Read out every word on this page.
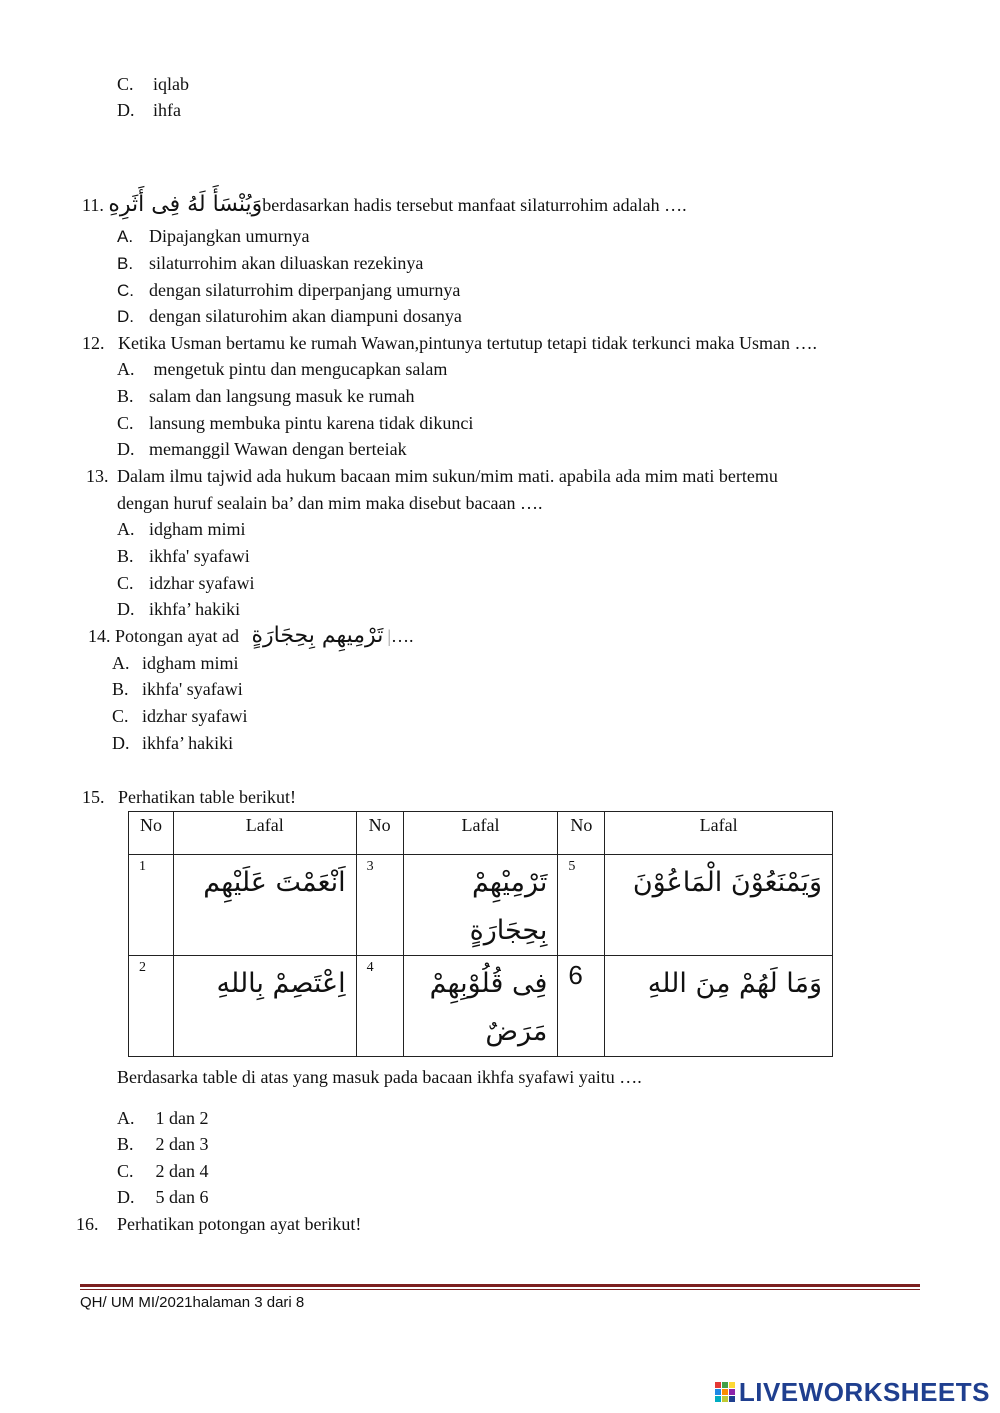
C. iqlab
D. ihfa
11. وَيُنْسَأَ لَهُ فِى أَثَرِهِberdasarkan hadis tersebut manfaat silaturrohim adalah ….
A. Dipajangkan umurnya
B. silaturrohim akan diluaskan rezekinya
C. dengan silaturrohim diperpanjang umurnya
D. dengan silaturohim akan diampuni dosanya
12. Ketika Usman bertamu ke rumah Wawan,pintunya tertutup tetapi tidak terkunci maka Usman ….
A. mengetuk pintu dan mengucapkan salam
B. salam dan langsung masuk ke rumah
C. lansung membuka pintu karena tidak dikunci
D. memanggil Wawan dengan berteiak
13. Dalam ilmu tajwid ada hukum bacaan mim sukun/mim mati. apabila ada mim mati bertemu
dengan huruf sealain ba’ dan mim maka disebut bacaan ….
A. idgham mimi
B. ikhfa' syafawi
C. idzhar syafawi
D. ikhfa’ hakiki
14. Potongan ayat ad تَرْمِيهِم بِحِجَارَةٍ |….
A. idgham mimi
B. ikhfa' syafawi
C. idzhar syafawi
D. ikhfa’ hakiki
15. Perhatikan table berikut!
No	Lafal	No	Lafal	No	Lafal
1	اَنْعَمْتَ عَلَيْهِم	3	تَرْمِيْهِمْ بِحِجَارَةٍ	5	وَيَمْنَعُوْنَ الْمَاعُوْنَ
2	اِعْتَصِمْ بِاللهِ	4	فِى قُلُوْبِهِمْ مَرَضٌ	6	وَمَا لَهُمْ مِنَ اللهِ
Berdasarka table di atas yang masuk pada bacaan ikhfa syafawi yaitu ….
A. 1 dan 2
B. 2 dan 3
C. 2 dan 4
D. 5 dan 6
16. Perhatikan potongan ayat berikut!
QH/ UM MI/2021halaman 3 dari 8
LIVEWORKSHEETS
